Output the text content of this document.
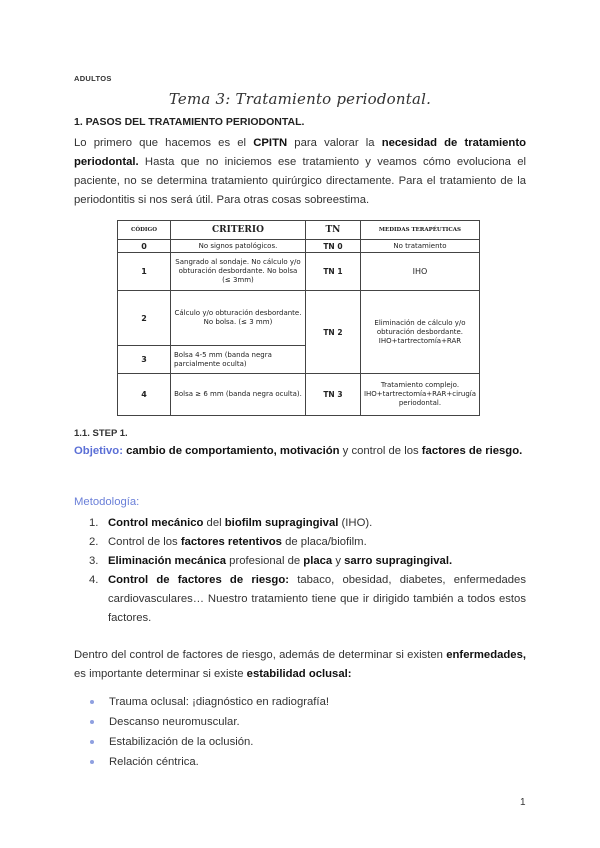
ADULTOS
Tema 3: Tratamiento periodontal.
1. PASOS DEL TRATAMIENTO PERIODONTAL.
Lo primero que hacemos es el CPITN para valorar la necesidad de tratamiento periodontal. Hasta que no iniciemos ese tratamiento y veamos cómo evoluciona el paciente, no se determina tratamiento quirúrgico directamente. Para el tratamiento de la periodontitis si nos será útil. Para otras cosas sobreestima.
CÓDIGO	CRITERIO	TN	MEDIDAS TERAPÉUTICAS
0	No signos patológicos.	TN 0	No tratamiento
1	Sangrado al sondaje. No cálculo y/o obturación desbordante. No bolsa (≤ 3mm)	TN 1	IHO
2	Cálculo y/o obturación desbordante. No bolsa. (≤ 3 mm)	TN 2	Eliminación de cálculo y/o obturación desbordante. IHO+tartrectomía+RAR
3	Bolsa 4-5 mm (banda negra parcialmente oculta)		
4	Bolsa ≥ 6 mm (banda negra oculta).	TN 3	Tratamiento complejo. IHO+tartrectomía+RAR+cirugía periodontal.
1.1. STEP 1.
Objetivo: cambio de comportamiento, motivación y control de los factores de riesgo.
Metodología:
1. Control mecánico del biofilm supragingival (IHO).
2. Control de los factores retentivos de placa/biofilm.
3. Eliminación mecánica profesional de placa y sarro supragingival.
4. Control de factores de riesgo: tabaco, obesidad, diabetes, enfermedades cardiovasculares… Nuestro tratamiento tiene que ir dirigido también a todos estos factores.
Dentro del control de factores de riesgo, además de determinar si existen enfermedades, es importante determinar si existe estabilidad oclusal:
Trauma oclusal: ¡diagnóstico en radiografía!
Descanso neuromuscular.
Estabilización de la oclusión.
Relación céntrica.
1
